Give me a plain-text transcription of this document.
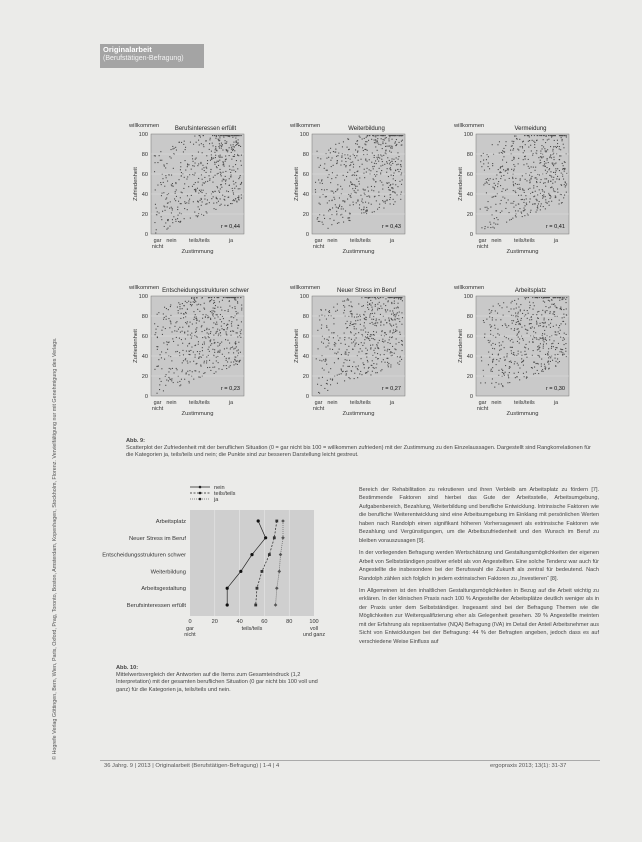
Originalarbeit
(Berufstätigen-Befragung)
© Hogrefe Verlag Göttingen, Bern, Wien, Paris, Oxford, Prag, Toronto, Boston, Amsterdam, Kopenhagen, Stockholm, Florenz. Vervielfältigung nur mit Genehmigung des Verlags.
100
80
60
40
20
0
gar
nicht
nein teils/teils	ja
Zustimmung
Zufriedenheit
willkommen	Berufsinteressen erfüllt
r = 0,44
100
80
60
40
20
0
gar
nicht
nein teils/teils	ja
Zustimmung
Zufriedenheit
willkommen	Weiterbildung
r = 0,43
100
80
60
40
20
0
gar
nicht
nein teils/teils	ja
Zustimmung
Zufriedenheit
willkommen	Vermeidung
r = 0,41
100
80
60
40
20
0
gar
nicht
nein teils/teils	ja
Zustimmung
Zufriedenheit
willkommen Entscheidungsstrukturen schwer
r = 0,23
100
80
60
40
20
0
gar
nicht
nein teils/teils	ja
Zustimmung
Zufriedenheit
willkommen	Neuer Stress im Beruf
r = 0,27
100
80
60
40
20
0
gar
nicht
nein teils/teils	ja
Zustimmung
Zufriedenheit
willkommen	Arbeitsplatz
r = 0,30
0	20	40	60	80	100
gar
nicht
teils/teils	voll
und ganz
Arbeitsplatz
Neuer Stress im Beruf
Entscheidungsstrukturen schwer
Weiterbildung
Arbeitsgestaltung
Berufsinteressen erfüllt
nein
teils/teils
ja
Abb. 9:
Scatterplot der Zufriedenheit mit der beruflichen Situation (0 = gar nicht bis 100 = willkommen zufrieden) mit der Zustimmung zu den Einzelaussagen. Dargestellt sind Rangkorrelationen für die Kategorien ja, teils/teils und nein; die Punkte sind zur besseren Darstellung leicht gestreut.
Abb. 10:
Mittelwertsvergleich der Antworten auf die Items zum Gesamteindruck (1,2 Interpretation) mit der gesamten beruflichen Situation (0 gar nicht bis 100 voll und ganz) für die Kategorien ja, teils/teils und nein.

Bereich der Rehabilitation zu rekrutieren und ihren Verbleib am Arbeitsplatz zu fördern [7]. Bestimmende Faktoren sind hierbei das Gute der Arbeitsstelle, Arbeitsumgebung, Aufgabenbereich, Bezahlung, Weiterbildung und berufliche Entwicklung. Intrinsische Faktoren wie die berufliche Weiterentwicklung sind eine Arbeitsumgebung im Einklang mit persönlichen Werten haben nach Randolph einen signifikant höheren Vorhersagewert als extrinsische Faktoren wie Bezahlung und Vergünstigungen, um die Arbeitszufriedenheit und den Wunsch im Beruf zu bleiben vorauszusagen [9].

In der vorliegenden Befragung werden Wertschätzung und Gestaltungsmöglichkeiten der eigenen Arbeit von Selbstständigen positiver erlebt als von Angestellten. Eine solche Tendenz war auch für Angestellte die insbesondere bei der Berufswahl die Zukunft als zentral für bedeutend. Nach Randolph zählen sich folglich in jedem extrinsischen Faktoren zu „Investieren“ [8].

Im Allgemeinen ist den inhaltlichen Gestaltungsmöglichkeiten in Bezug auf die Arbeit wichtig zu erklären. In der klinischen Praxis nach 100 % Angestellte der Arbeitsplätze deutlich weniger als in der Praxis unter dem Selbstständiger. Insgesamt sind bei der Befragung Themen wie die Möglichkeiten zur Weiterqualifizierung eher als Gelegenheit gesehen. 39 % Angestellte meinten mit der Erfahrung als repräsentative (NQA) Befragung (IVA) im Detail der Anteil Arbeitsnehmer aus Sicht von Entwicklungen bei der Befragung: 44 % der Befragten angeben, jedoch dass es auf verschiedene Weise Einfluss auf

36 Jahrg. 9 | 2013 | Originalarbeit (Berufstätigen-Befragung) | 1-4 | 4	ergopraxis 2013; 13(1): 31-37
